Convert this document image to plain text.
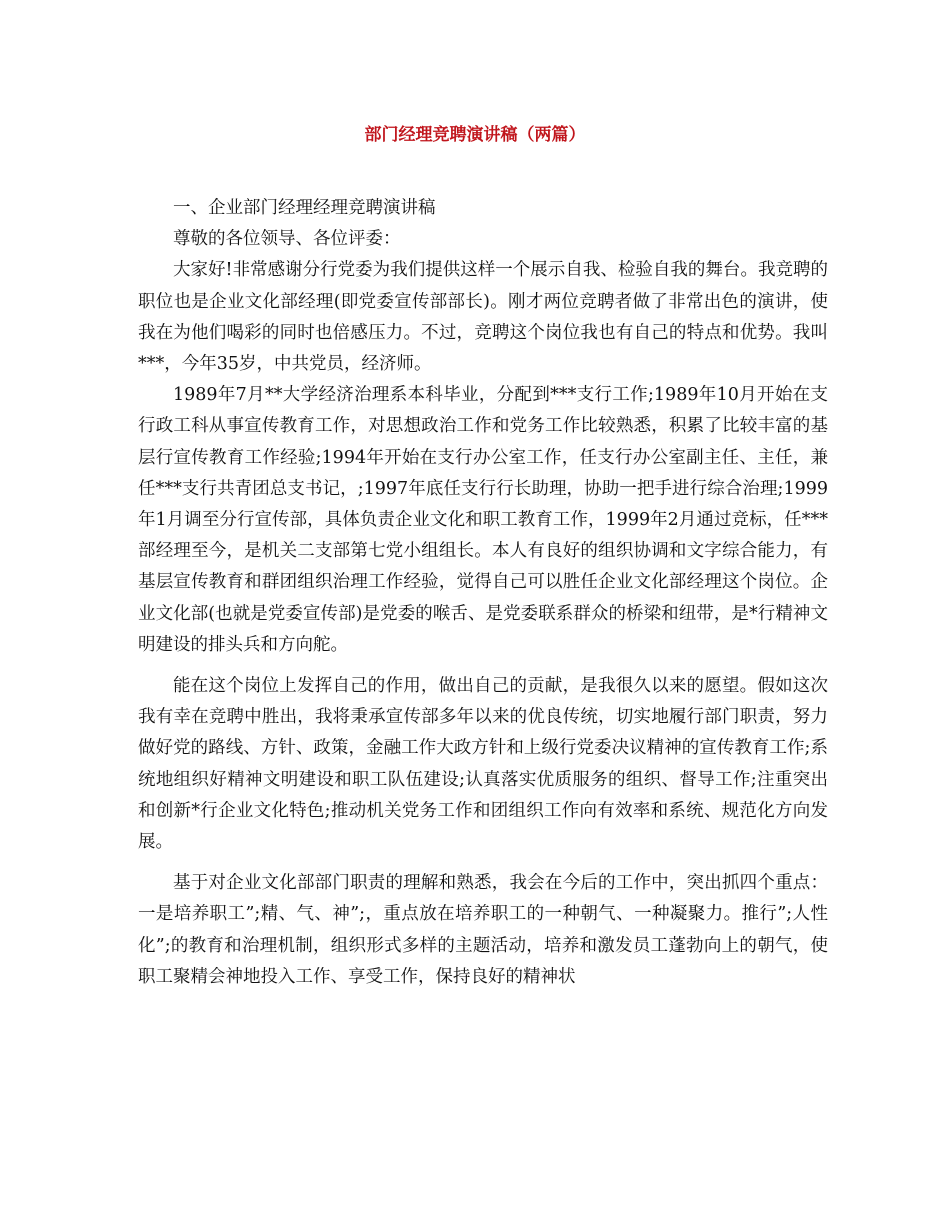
部门经理竞聘演讲稿（两篇）

一、企业部门经理经理竞聘演讲稿

尊敬的各位领导、各位评委：

大家好!非常感谢分行党委为我们提供这样一个展示自我、检验自我的舞台。我竞聘的职位也是企业文化部经理(即党委宣传部部长)。刚才两位竞聘者做了非常出色的演讲，使我在为他们喝彩的同时也倍感压力。不过，竞聘这个岗位我也有自己的特点和优势。我叫***，今年35岁，中共党员，经济师。

1989年7月**大学经济治理系本科毕业，分配到***支行工作;1989年10月开始在支行政工科从事宣传教育工作，对思想政治工作和党务工作比较熟悉，积累了比较丰富的基层行宣传教育工作经验;1994年开始在支行办公室工作，任支行办公室副主任、主任，兼任***支行共青团总支书记，;1997年底任支行行长助理，协助一把手进行综合治理;1999年1月调至分行宣传部，具体负责企业文化和职工教育工作，1999年2月通过竞标，任***部经理至今，是机关二支部第七党小组组长。本人有良好的组织协调和文字综合能力，有基层宣传教育和群团组织治理工作经验，觉得自己可以胜任企业文化部经理这个岗位。企业文化部(也就是党委宣传部)是党委的喉舌、是党委联系群众的桥梁和纽带，是*行精神文明建设的排头兵和方向舵。

能在这个岗位上发挥自己的作用，做出自己的贡献，是我很久以来的愿望。假如这次我有幸在竞聘中胜出，我将秉承宣传部多年以来的优良传统，切实地履行部门职责，努力做好党的路线、方针、政策，金融工作大政方针和上级行党委决议精神的宣传教育工作;系统地组织好精神文明建设和职工队伍建设;认真落实优质服务的组织、督导工作;注重突出和创新*行企业文化特色;推动机关党务工作和团组织工作向有效率和系统、规范化方向发展。

基于对企业文化部部门职责的理解和熟悉，我会在今后的工作中，突出抓四个重点：一是培养职工”;精、气、神”;，重点放在培养职工的一种朝气、一种凝聚力。推行”;人性化”;的教育和治理机制，组织形式多样的主题活动，培养和激发员工蓬勃向上的朝气，使职工聚精会神地投入工作、享受工作，保持良好的精神状
